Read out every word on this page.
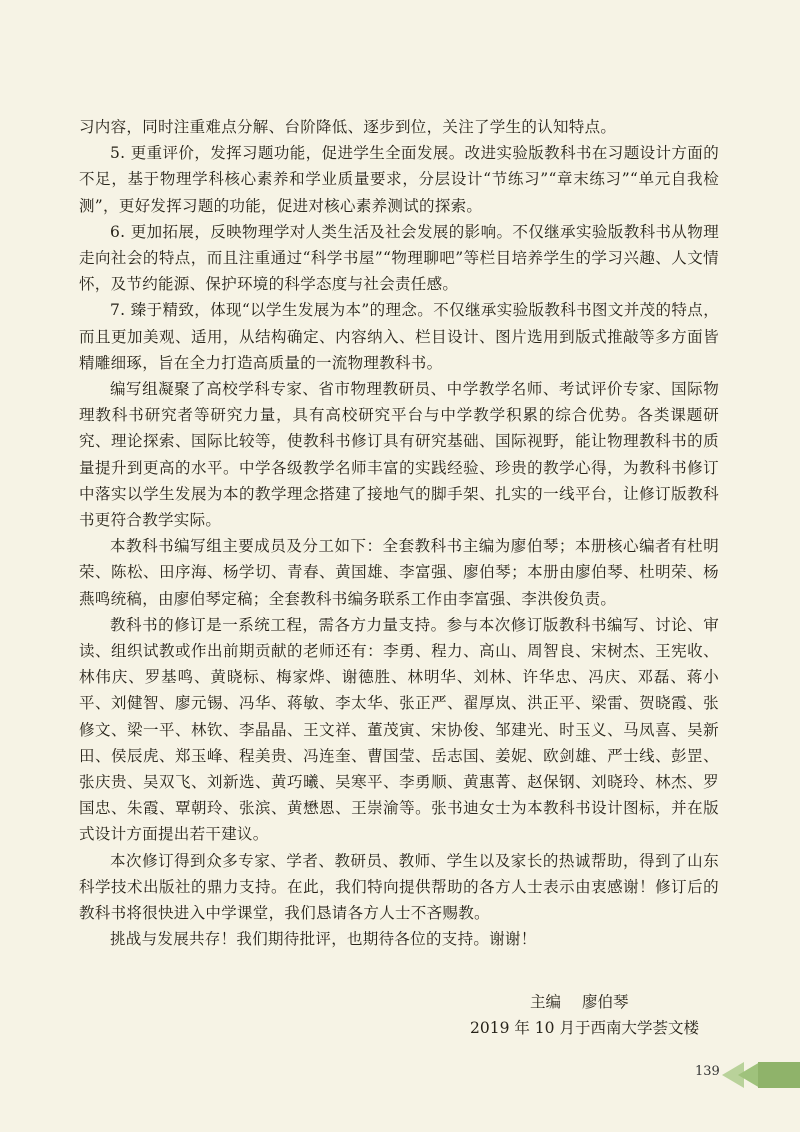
习内容，同时注重难点分解、台阶降低、逐步到位，关注了学生的认知特点。

5. 更重评价，发挥习题功能，促进学生全面发展。改进实验版教科书在习题设计方面的不足，基于物理学科核心素养和学业质量要求，分层设计“节练习”“章末练习”“单元自我检测”，更好发挥习题的功能，促进对核心素养测试的探索。

6. 更加拓展，反映物理学对人类生活及社会发展的影响。不仅继承实验版教科书从物理走向社会的特点，而且注重通过“科学书屋”“物理聊吧”等栏目培养学生的学习兴趣、人文情怀，及节约能源、保护环境的科学态度与社会责任感。

7. 臻于精致，体现“以学生发展为本”的理念。不仅继承实验版教科书图文并茂的特点，而且更加美观、适用，从结构确定、内容纳入、栏目设计、图片选用到版式推敲等多方面皆精雕细琢，旨在全力打造高质量的一流物理教科书。

编写组凝聚了高校学科专家、省市物理教研员、中学教学名师、考试评价专家、国际物理教科书研究者等研究力量，具有高校研究平台与中学教学积累的综合优势。各类课题研究、理论探索、国际比较等，使教科书修订具有研究基础、国际视野，能让物理教科书的质量提升到更高的水平。中学各级教学名师丰富的实践经验、珍贵的教学心得，为教科书修订中落实以学生发展为本的教学理念搭建了接地气的脚手架、扎实的一线平台，让修订版教科书更符合教学实际。

本教科书编写组主要成员及分工如下：全套教科书主编为廖伯琴；本册核心编者有杜明荣、陈松、田序海、杨学切、青春、黄国雄、李富强、廖伯琴；本册由廖伯琴、杜明荣、杨燕鸣统稿，由廖伯琴定稿；全套教科书编务联系工作由李富强、李洪俊负责。

教科书的修订是一系统工程，需各方力量支持。参与本次修订版教科书编写、讨论、审读、组织试教或作出前期贡献的老师还有：李勇、程力、高山、周智良、宋树杰、王宪收、林伟庆、罗基鸣、黄晓标、梅家烨、谢德胜、林明华、刘林、许华忠、冯庆、邓磊、蒋小平、刘健智、廖元锡、冯华、蒋敏、李太华、张正严、翟厚岚、洪正平、梁雷、贺晓霞、张修文、梁一平、林钦、李晶晶、王文祥、董茂寅、宋协俊、邹建光、时玉义、马凤喜、吴新田、侯辰虎、郑玉峰、程美贵、冯连奎、曹国莹、岳志国、姜妮、欧剑雄、严士线、彭罡、张庆贵、吴双飞、刘新选、黄巧曦、吴寒平、李勇顺、黄惠菁、赵保钢、刘晓玲、林杰、罗国忠、朱霞、覃朝玲、张滨、黄懋恩、王崇渝等。张书迪女士为本教科书设计图标，并在版式设计方面提出若干建议。

本次修订得到众多专家、学者、教研员、教师、学生以及家长的热诚帮助，得到了山东科学技术出版社的鼎力支持。在此，我们特向提供帮助的各方人士表示由衷感谢！修订后的教科书将很快进入中学课堂，我们恳请各方人士不吝赐教。

挑战与发展共存！我们期待批评，也期待各位的支持。谢谢！

主编 廖伯琴
2019 年 10 月于西南大学荟文楼
139
